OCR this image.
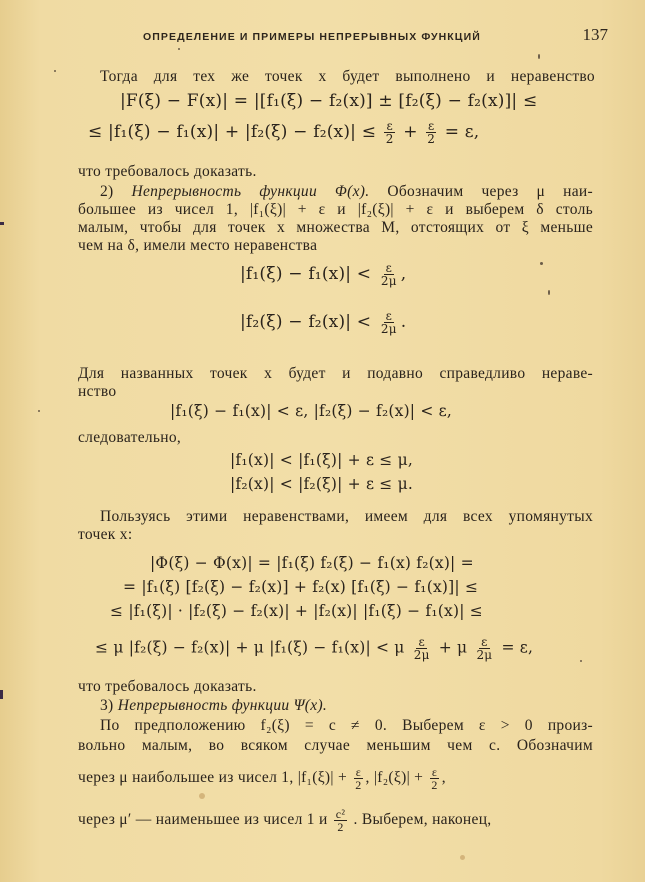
ОПРЕДЕЛЕНИЕ И ПРИМЕРЫ НЕПРЕРЫВНЫХ ФУНКЦИЙ	137
Тогда для тех же точек x будет выполнено и неравенство
|F(ξ) − F(x)| = |[f₁(ξ) − f₂(x)] ± [f₂(ξ) − f₂(x)]| ≤
≤ $|f_1(\xi) - f_1(x)| + |f_2(\xi) - f_2(x)| \le \frac{\varepsilon}{2} + \frac{\varepsilon}{2} = \varepsilon$,
что требовалось доказать.
2) Непрерывность функции Φ(x). Обозначим через μ наи-
большее из чисел 1, |f₁(ξ)| + ε и |f₂(ξ)| + ε и выберем δ столь
малым, чтобы для точек x множества M, отстоящих от ξ меньше
чем на δ, имели место неравенства
$|f_1(\xi) - f_1(x)| < \frac{\varepsilon}{2\mu}$ ,
$|f_2(\xi) - f_2(x)| < \frac{\varepsilon}{2\mu}$ .
Для названных точек x будет и подавно справедливо нераве-
нство
|f₁(ξ) − f₁(x)| < ε, |f₂(ξ) − f₂(x)| < ε,
следовательно,
|f₁(x)| < |f₁(ξ)| + ε ≤ μ,
|f₂(x)| < |f₂(ξ)| + ε ≤ μ.
Пользуясь этими неравенствами, имеем для всех упомянутых
точек x:
|Φ(ξ) − Φ(x)| = |f₁(ξ) f₂(ξ) − f₁(x) f₂(x)| =
= |f₁(ξ) [f₂(ξ) − f₂(x)] + f₂(x) [f₁(ξ) − f₁(x)]| ≤
≤ |f₁(ξ)| · |f₂(ξ) − f₂(x)| + |f₂(x)| |f₁(ξ) − f₁(x)| ≤
≤ μ |f₂(ξ) − f₂(x)| + μ |f₁(ξ) − f₁(x)| < μ $\frac{\varepsilon}{2\mu} + \mu \frac{\varepsilon}{2\mu} = \varepsilon$,
что требовалось доказать.
3) Непрерывность функции Ψ(x).
По предположению f₂(ξ) = c ≠ 0. Выберем ε > 0 произ-
вольно малым, во всяком случае меньшим чем c. Обозначим
через μ наибольшее из чисел 1, $|f_1(\xi)| + \frac{\varepsilon}{2}$ , $|f_2(\xi)| + \frac{\varepsilon}{2}$ ,
через μ′ — наименьшее из чисел 1 и $\frac{\text{c²}}{2}$ . Выберем, наконец,
